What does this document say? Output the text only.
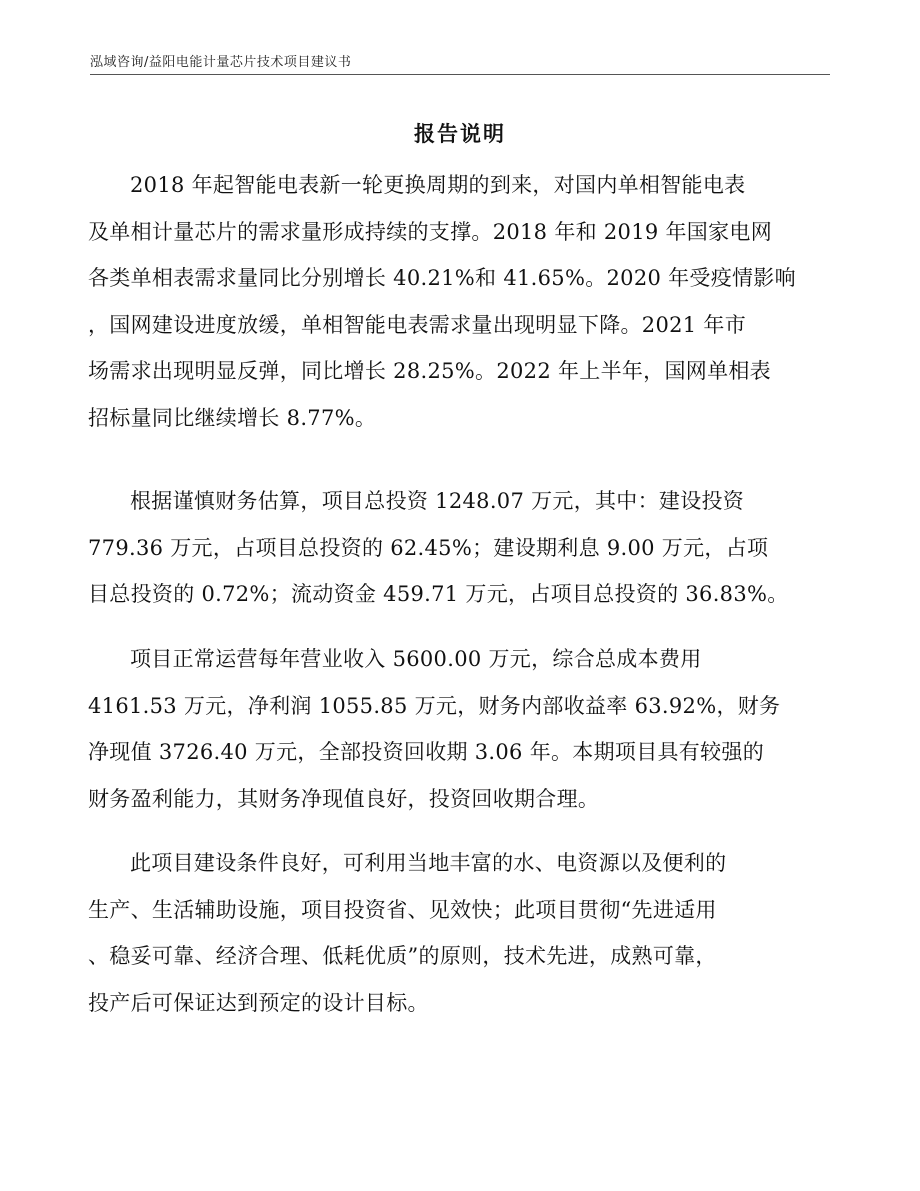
泓域咨询/益阳电能计量芯片技术项目建议书
报告说明
2018 年起智能电表新一轮更换周期的到来，对国内单相智能电表
及单相计量芯片的需求量形成持续的支撑。2018 年和 2019 年国家电网
各类单相表需求量同比分别增长 40.21%和 41.65%。2020 年受疫情影响
，国网建设进度放缓，单相智能电表需求量出现明显下降。2021 年市
场需求出现明显反弹，同比增长 28.25%。2022 年上半年，国网单相表
招标量同比继续增长 8.77%。
根据谨慎财务估算，项目总投资 1248.07 万元，其中：建设投资
779.36 万元，占项目总投资的 62.45%；建设期利息 9.00 万元，占项
目总投资的 0.72%；流动资金 459.71 万元，占项目总投资的 36.83%。
项目正常运营每年营业收入 5600.00 万元，综合总成本费用
4161.53 万元，净利润 1055.85 万元，财务内部收益率 63.92%，财务
净现值 3726.40 万元，全部投资回收期 3.06 年。本期项目具有较强的
财务盈利能力，其财务净现值良好，投资回收期合理。
此项目建设条件良好，可利用当地丰富的水、电资源以及便利的
生产、生活辅助设施，项目投资省、见效快；此项目贯彻“先进适用
、稳妥可靠、经济合理、低耗优质”的原则，技术先进，成熟可靠，
投产后可保证达到预定的设计目标。
